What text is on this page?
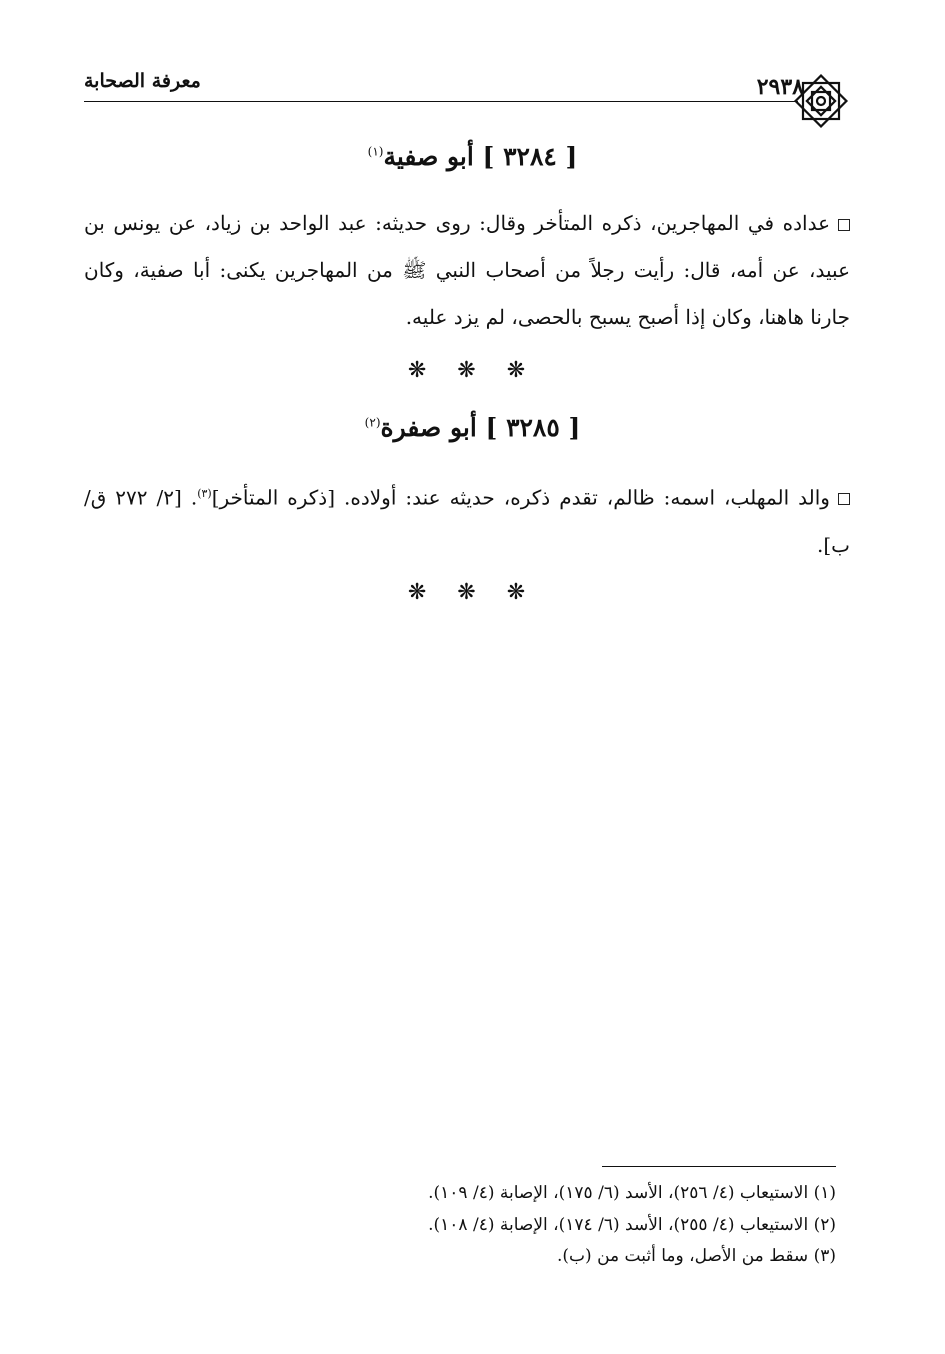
٢٩٣٨
معرفة الصحابة
[ ٣٢٨٤ ] أبو صفية$^{(١)}$
عداده في المهاجرين، ذكره المتأخر وقال: روى حديثه: عبد الواحد بن زياد، عن يونس بن عبيد، عن أمه، قال: رأيت رجلاً من أصحاب النبي ﷺ من المهاجرين يكنى: أبا صفية، وكان جارنا هاهنا، وكان إذا أصبح يسبح بالحصى، لم يزد عليه.
❋ ❋ ❋
[ ٣٢٨٥ ] أبو صفرة$^{(٢)}$
والد المهلب، اسمه: ظالم، تقدم ذكره، حديثه عند: أولاده. [ذكره المتأخر]$^{(٣)}$. [٢/ ٢٧٢ ق/ ب].
❋ ❋ ❋
(١) الاستيعاب (٤/ ٢٥٦)، الأسد (٦/ ١٧٥)، الإصابة (٤/ ١٠٩).
(٢) الاستيعاب (٤/ ٢٥٥)، الأسد (٦/ ١٧٤)، الإصابة (٤/ ١٠٨).
(٣) سقط من الأصل، وما أثبت من (ب).
